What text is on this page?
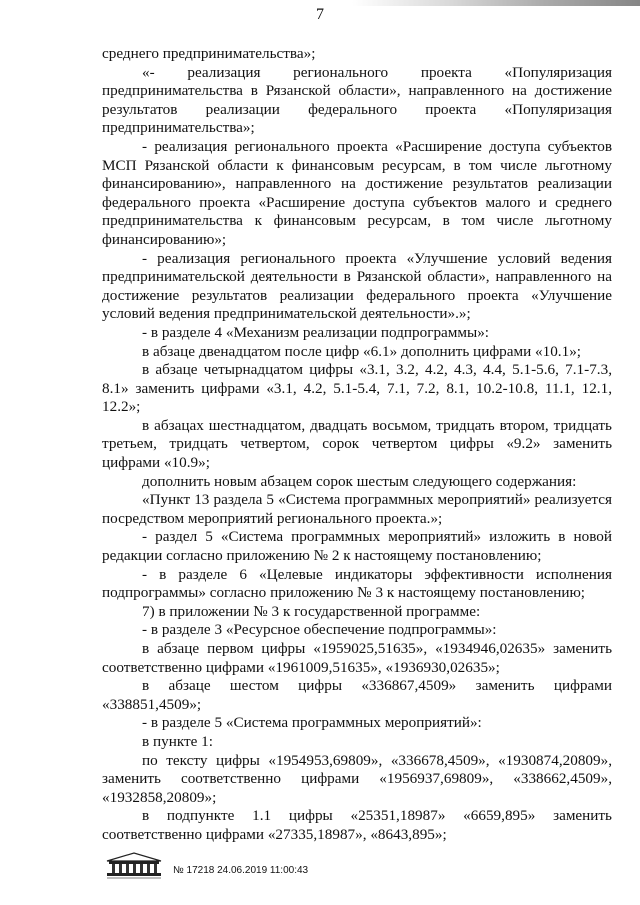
7
среднего предпринимательства»;
«- реализация регионального проекта «Популяризация предпринимательства в Рязанской области», направленного на достижение результатов реализации федерального проекта «Популяризация предпринимательства»;
- реализация регионального проекта «Расширение доступа субъектов МСП Рязанской области к финансовым ресурсам, в том числе льготному финансированию», направленного на достижение результатов реализации федерального проекта «Расширение доступа субъектов малого и среднего предпринимательства к финансовым ресурсам, в том числе льготному финансированию»;
- реализация регионального проекта «Улучшение условий ведения предпринимательской деятельности в Рязанской области», направленного на достижение результатов реализации федерального проекта «Улучшение условий ведения предпринимательской деятельности».»;
- в разделе 4 «Механизм реализации подпрограммы»:
в абзаце двенадцатом после цифр «6.1» дополнить цифрами «10.1»;
в абзаце четырнадцатом цифры «3.1, 3.2, 4.2, 4.3, 4.4, 5.1-5.6, 7.1-7.3, 8.1» заменить цифрами «3.1, 4.2, 5.1-5.4, 7.1, 7.2, 8.1, 10.2-10.8, 11.1, 12.1, 12.2»;
в абзацах шестнадцатом, двадцать восьмом, тридцать втором, тридцать третьем, тридцать четвертом, сорок четвертом цифры «9.2» заменить цифрами «10.9»;
дополнить новым абзацем сорок шестым следующего содержания:
«Пункт 13 раздела 5 «Система программных мероприятий» реализуется посредством мероприятий регионального проекта.»;
- раздел 5 «Система программных мероприятий» изложить в новой редакции согласно приложению № 2 к настоящему постановлению;
- в разделе 6 «Целевые индикаторы эффективности исполнения подпрограммы» согласно приложению № 3 к настоящему постановлению;
7) в приложении № 3 к государственной программе:
- в разделе 3 «Ресурсное обеспечение подпрограммы»:
в абзаце первом цифры «1959025,51635», «1934946,02635» заменить соответственно цифрами «1961009,51635», «1936930,02635»;
в абзаце шестом цифры «336867,4509» заменить цифрами «338851,4509»;
- в разделе 5 «Система программных мероприятий»:
в пункте 1:
по тексту цифры «1954953,69809», «336678,4509», «1930874,20809», заменить соответственно цифрами «1956937,69809», «338662,4509», «1932858,20809»;
в подпункте 1.1 цифры «25351,18987» «6659,895» заменить соответственно цифрами «27335,18987», «8643,895»;
№ 17218 24.06.2019 11:00:43
